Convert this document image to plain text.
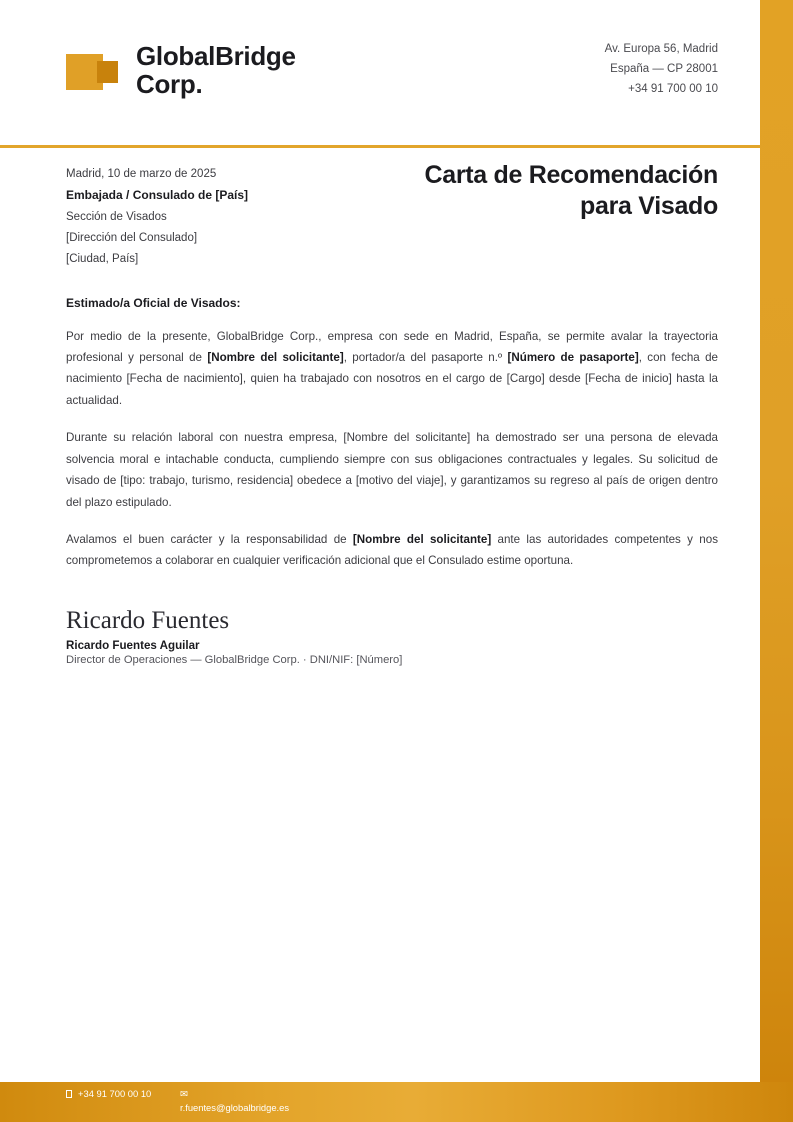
GlobalBridge Corp.
Av. Europa 56, Madrid
España — CP 28001
+34 91 700 00 10
Madrid, 10 de marzo de 2025
Embajada / Consulado de [País]
Sección de Visados
[Dirección del Consulado]
[Ciudad, País]
Carta de Recomendación para Visado
Estimado/a Oficial de Visados:
Por medio de la presente, GlobalBridge Corp., empresa con sede en Madrid, España, se permite avalar la trayectoria profesional y personal de [Nombre del solicitante], portador/a del pasaporte n.º [Número de pasaporte], con fecha de nacimiento [Fecha de nacimiento], quien ha trabajado con nosotros en el cargo de [Cargo] desde [Fecha de inicio] hasta la actualidad.
Durante su relación laboral con nuestra empresa, [Nombre del solicitante] ha demostrado ser una persona de elevada solvencia moral e intachable conducta, cumpliendo siempre con sus obligaciones contractuales y legales. Su solicitud de visado de [tipo: trabajo, turismo, residencia] obedece a [motivo del viaje], y garantizamos su regreso al país de origen dentro del plazo estipulado.
Avalamos el buen carácter y la responsabilidad de [Nombre del solicitante] ante las autoridades competentes y nos comprometemos a colaborar en cualquier verificación adicional que el Consulado estime oportuna.
Ricardo Fuentes
Ricardo Fuentes Aguilar
Director de Operaciones — GlobalBridge Corp. · DNI/NIF: [Número]
+34 91 700 00 10	✉
r.fuentes@globalbridge.es
